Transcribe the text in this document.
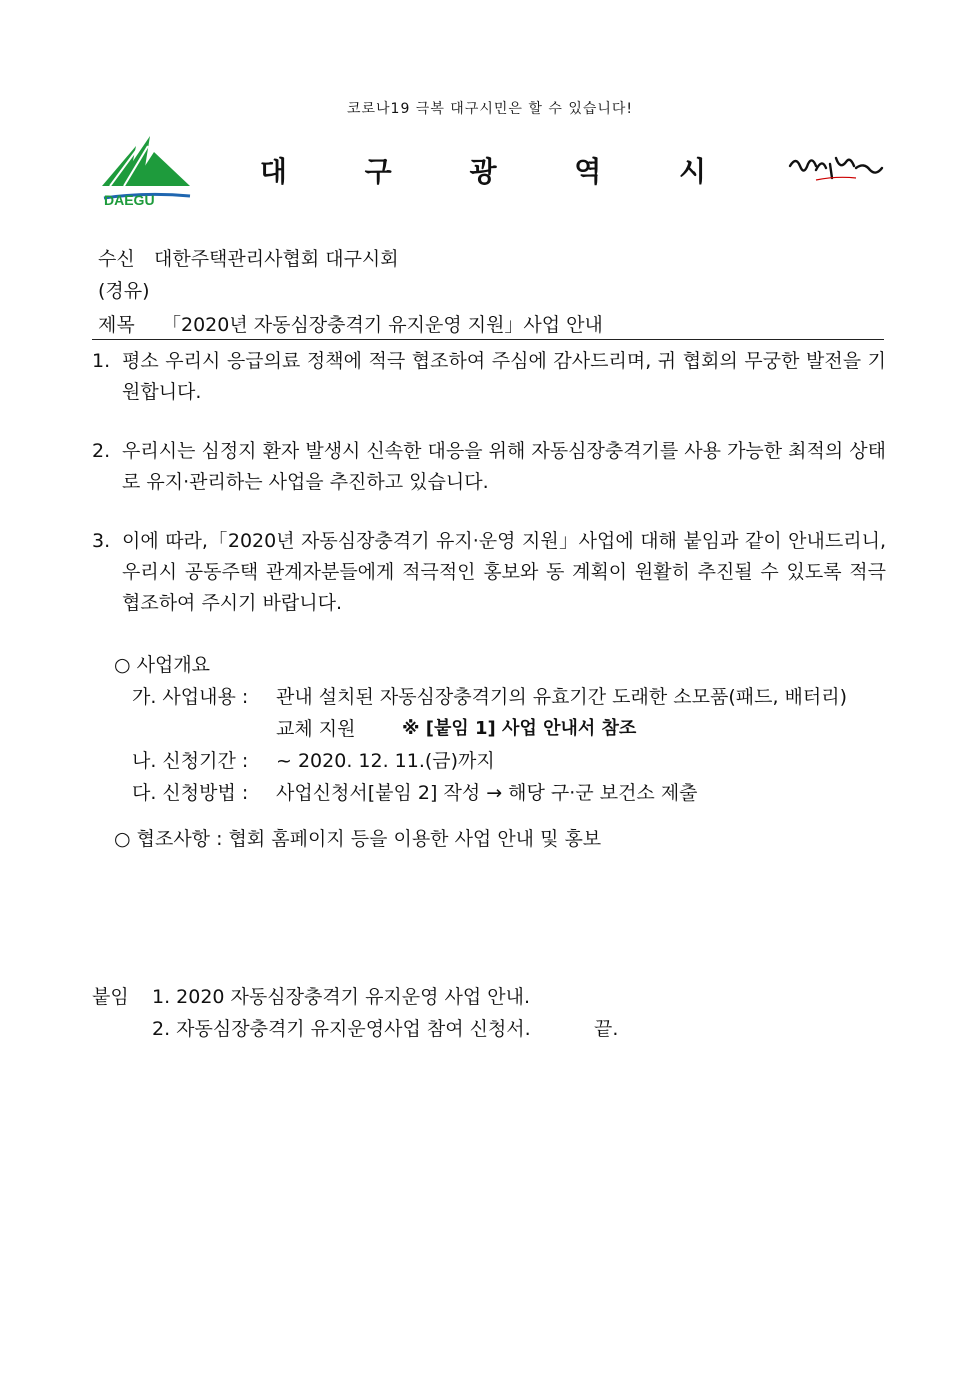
코로나19 극복 대구시민은 할 수 있습니다!
DAEGU
대 구 광 역 시
수신 대한주택관리사협회 대구시회
(경유)
제목 「2020년 자동심장충격기 유지운영 지원」사업 안내
1. 평소 우리시 응급의료 정책에 적극 협조하여 주심에 감사드리며, 귀 협회의 무궁한 발전을 기원합니다.
2. 우리시는 심정지 환자 발생시 신속한 대응을 위해 자동심장충격기를 사용 가능한 최적의 상태로 유지·관리하는 사업을 추진하고 있습니다.
3. 이에 따라,「2020년 자동심장충격기 유지·운영 지원」사업에 대해 붙임과 같이 안내드리니, 우리시 공동주택 관계자분들에게 적극적인 홍보와 동 계획이 원활히 추진될 수 있도록 적극 협조하여 주시기 바랍니다.
○ 사업개요
가. 사업내용 : 관내 설치된 자동심장충격기의 유효기간 도래한 소모품(패드, 배터리)
교체 지원	※ [붙임 1] 사업 안내서 참조
나. 신청기간 : ~ 2020. 12. 11.(금)까지
다. 신청방법 : 사업신청서[붙임 2] 작성 → 해당 구·군 보건소 제출
○ 협조사항 : 협회 홈페이지 등을 이용한 사업 안내 및 홍보
붙임 1. 2020 자동심장충격기 유지운영 사업 안내.
2. 자동심장충격기 유지운영사업 참여 신청서.	끝.
